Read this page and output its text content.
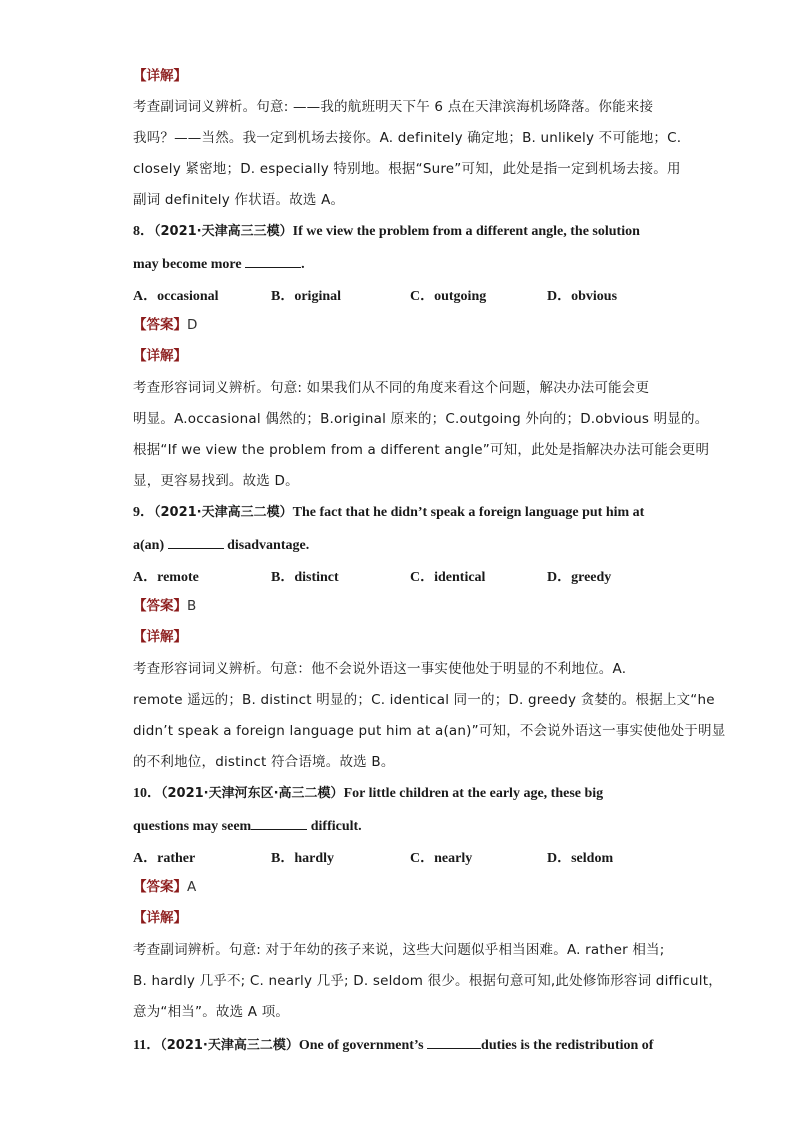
【详解】
考查副词词义辨析。句意: ——我的航班明天下午 6 点在天津滨海机场降落。你能来接
我吗？——当然。我一定到机场去接你。A. definitely 确定地；B. unlikely 不可能地；C.
closely 紧密地；D. especially 特别地。根据“Sure”可知，此处是指一定到机场去接。用
副词 definitely 作状语。故选 A。
8．（2021·天津高三三模）If we view the problem from a different angle, the solution
may become more	.
A．occasional	B．original	C．outgoing	D．obvious
【答案】D
【详解】
考查形容词词义辨析。句意: 如果我们从不同的角度来看这个问题，解决办法可能会更
明显。A.occasional 偶然的；B.original 原来的；C.outgoing 外向的；D.obvious 明显的。
根据“If we view the problem from a different angle”可知，此处是指解决办法可能会更明
显，更容易找到。故选 D。
9．（2021·天津高三二模）The fact that he didn’t speak a foreign language put him at
a(an)	disadvantage.
A．remote	B．distinct	C．identical	D．greedy
【答案】B
【详解】
考查形容词词义辨析。句意：他不会说外语这一事实使他处于明显的不利地位。A.
remote 遥远的；B. distinct 明显的；C. identical 同一的；D. greedy 贪婪的。根据上文“he
didn’t speak a foreign language put him at a(an)”可知，不会说外语这一事实使他处于明显
的不利地位，distinct 符合语境。故选 B。
10．（2021·天津河东区·高三二模）For little children at the early age, these big
questions may seem	difficult.
A．rather	B．hardly	C．nearly	D．seldom
【答案】A
【详解】
考查副词辨析。句意: 对于年幼的孩子来说，这些大问题似乎相当困难。A. rather 相当;
B. hardly 几乎不; C. nearly 几乎; D. seldom 很少。根据句意可知,此处修饰形容词 difficult，
意为“相当”。故选 A 项。
11．（2021·天津高三二模）One of government’s	duties is the redistribution of
